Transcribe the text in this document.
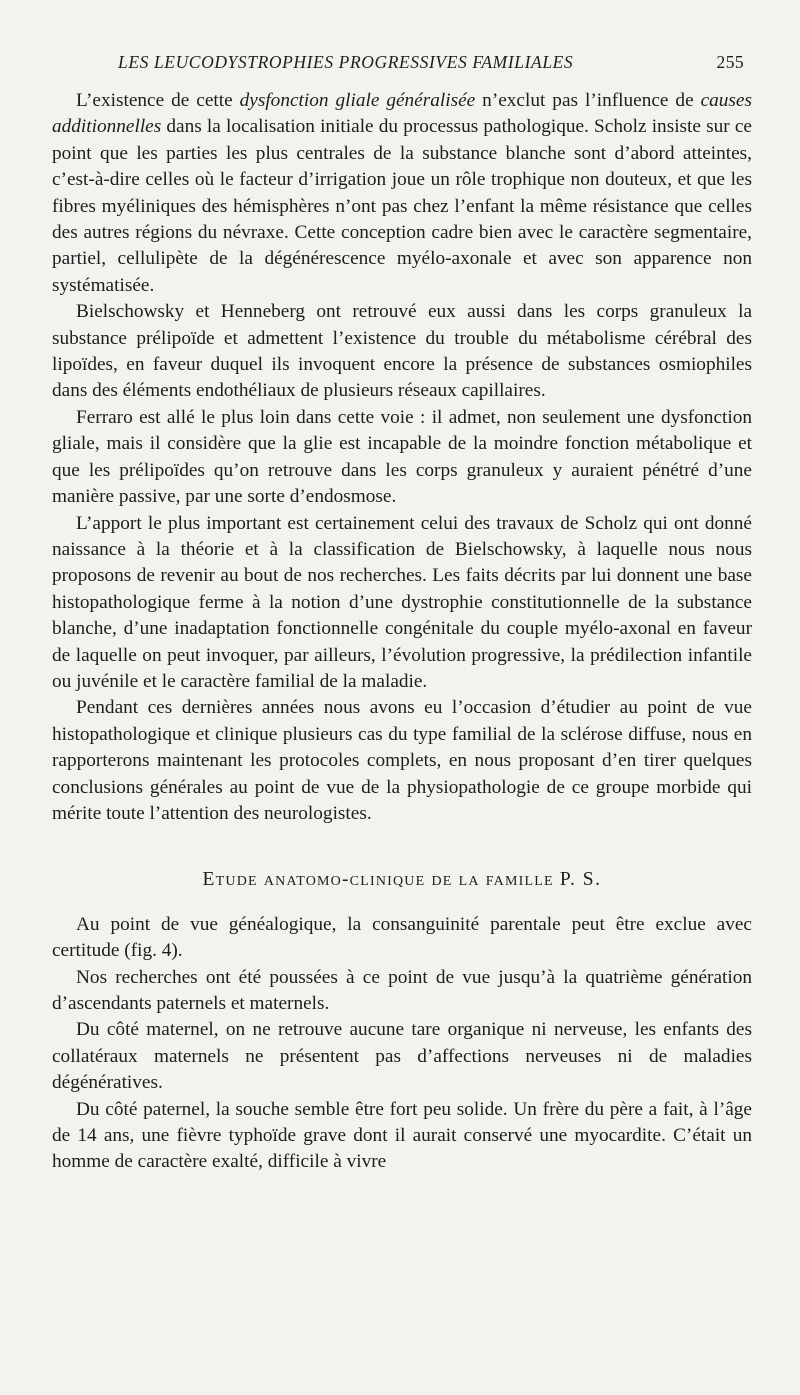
LES LEUCODYSTROPHIES PROGRESSIVES FAMILIALES	255

L’existence de cette dysfonction gliale généralisée n’exclut pas l’influence de causes additionnelles dans la localisation initiale du processus pathologique. Scholz insiste sur ce point que les parties les plus centrales de la substance blanche sont d’abord atteintes, c’est-à-dire celles où le facteur d’irrigation joue un rôle trophique non douteux, et que les fibres myéliniques des hémisphères n’ont pas chez l’enfant la même résistance que celles des autres régions du névraxe. Cette conception cadre bien avec le caractère segmentaire, partiel, cellulipète de la dégénérescence myélo-axonale et avec son apparence non systématisée.

Bielschowsky et Henneberg ont retrouvé eux aussi dans les corps granuleux la substance prélipoïde et admettent l’existence du trouble du métabolisme cérébral des lipoïdes, en faveur duquel ils invoquent encore la présence de substances osmiophiles dans des éléments endothéliaux de plusieurs réseaux capillaires.

Ferraro est allé le plus loin dans cette voie : il admet, non seulement une dysfonction gliale, mais il considère que la glie est incapable de la moindre fonction métabolique et que les prélipoïdes qu’on retrouve dans les corps granuleux y auraient pénétré d’une manière passive, par une sorte d’endosmose.

L’apport le plus important est certainement celui des travaux de Scholz qui ont donné naissance à la théorie et à la classification de Bielschowsky, à laquelle nous nous proposons de revenir au bout de nos recherches. Les faits décrits par lui donnent une base histopathologique ferme à la notion d’une dystrophie constitutionnelle de la substance blanche, d’une inadaptation fonctionnelle congénitale du couple myélo-axonal en faveur de laquelle on peut invoquer, par ailleurs, l’évolution progressive, la prédilection infantile ou juvénile et le caractère familial de la maladie.

Pendant ces dernières années nous avons eu l’occasion d’étudier au point de vue histopathologique et clinique plusieurs cas du type familial de la sclérose diffuse, nous en rapporterons maintenant les protocoles complets, en nous proposant d’en tirer quelques conclusions générales au point de vue de la physiopathologie de ce groupe morbide qui mérite toute l’attention des neurologistes.

Etude anatomo-clinique de la famille P. S.

Au point de vue généalogique, la consanguinité parentale peut être exclue avec certitude (fig. 4).

Nos recherches ont été poussées à ce point de vue jusqu’à la quatrième génération d’ascendants paternels et maternels.

Du côté maternel, on ne retrouve aucune tare organique ni nerveuse, les enfants des collatéraux maternels ne présentent pas d’affections nerveuses ni de maladies dégénératives.

Du côté paternel, la souche semble être fort peu solide. Un frère du père a fait, à l’âge de 14 ans, une fièvre typhoïde grave dont il aurait conservé une myocardite. C’était un homme de caractère exalté, difficile à vivre
